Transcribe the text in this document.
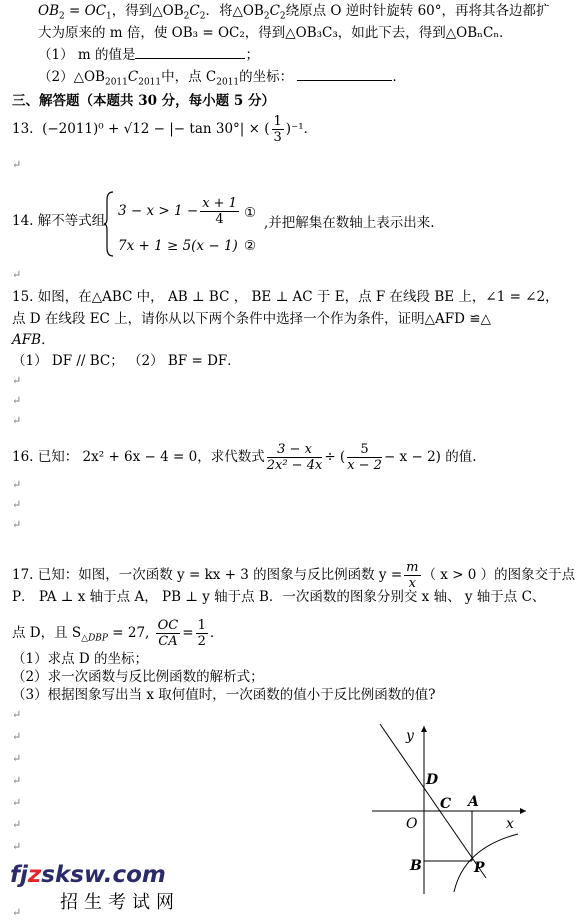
$OB_2 = OC_1$，得到$\triangle OB_2C_2$．将$\triangle OB_2C_2$绕原点 O 逆时针旋转 60°，再将其各边都扩
大为原来的 m 倍，使 OB₃ = OC₂，得到△OB₃C₃，如此下去，得到△OBₙCₙ．
（1） m 的值是	；
$(2)\triangle OB_{2011}C_{2011}$中，点 $C_{2011}$的坐标：	．
三、解答题（本题共 30 分，每小题 5 分）
13. (−2011)⁰ + √12 − |− tan 30°| × ( $\frac{1}{3} )^{-1}$．
↵
14. 解不等式组
$3 - x > 1 - \frac{x + 1}{4}$ ①
,并把解集在数轴上表示出来.
7x + 1 ≥ 5(x − 1) ②
↵
15. 如图，在△ABC 中， AB ⊥ BC ， BE ⊥ AC 于 E，点 F 在线段 BE 上，∠1 = ∠2，
点 D 在线段 EC 上，请你从以下两个条件中选择一个作为条件，证明△AFD ≌△
AFB．
（1） DF // BC； （2） BF = DF．
↵
↵
↵
16. 已知： 2x² + 6x − 4 = 0，求代数式 $\frac{3 - x}{\text{2x² − 4x}}$ ÷ ( $\frac{5}{x - 2} - x - 2$) 的值.
↵
↵
↵
17. 已知：如图，一次函数 y = kx + 3 的图象与反比例函数 $y = \frac{m}{x}$ （ x > 0 ）的图象交于点
P． PA ⊥ x 轴于点 A， PB ⊥ y 轴于点 B．一次函数的图象分别交 x 轴、 y 轴于点 C、
点 D，且 $S_{\triangle DBP} = 27$, $\frac{OC}{CA} = \frac{1}{2}$ ．
（1）求点 D 的坐标；
（2）求一次函数与反比例函数的解析式；
（3）根据图象写出当 x 取何值时，一次函数的值小于反比例函数的值?
↵
↵
↵
↵
↵
↵
↵
↵
y
x
O
D
C A
B	P
fjzsksw.com
招生考试网
